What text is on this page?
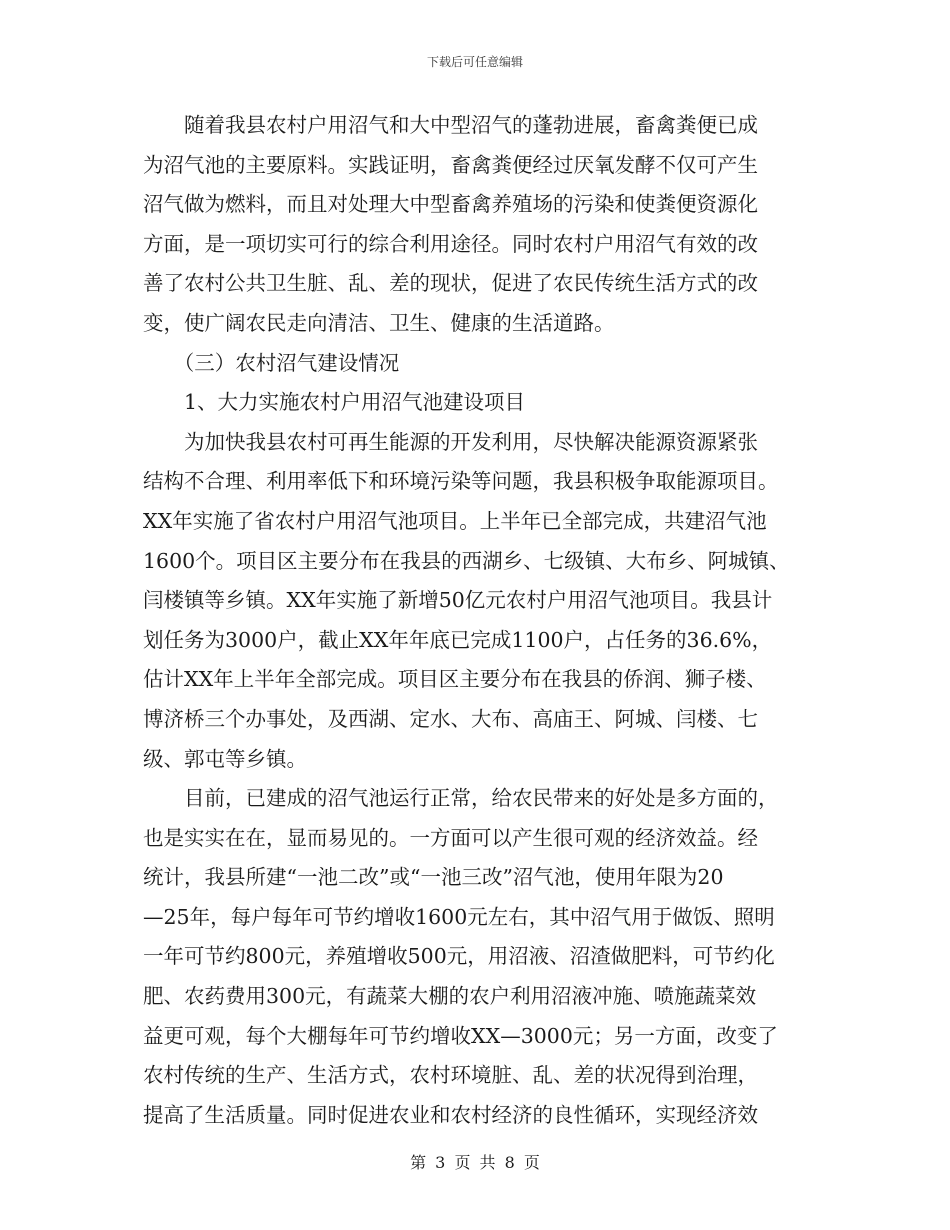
下载后可任意编辑
　　随着我县农村户用沼气和大中型沼气的蓬勃进展，畜禽粪便已成
为沼气池的主要原料。实践证明，畜禽粪便经过厌氧发酵不仅可产生
沼气做为燃料，而且对处理大中型畜禽养殖场的污染和使粪便资源化
方面，是一项切实可行的综合利用途径。同时农村户用沼气有效的改
善了农村公共卫生脏、乱、差的现状，促进了农民传统生活方式的改
变，使广阔农民走向清洁、卫生、健康的生活道路。
　　（三）农村沼气建设情况
　　1、大力实施农村户用沼气池建设项目
　　为加快我县农村可再生能源的开发利用，尽快解决能源资源紧张
结构不合理、利用率低下和环境污染等问题，我县积极争取能源项目。
XX年实施了省农村户用沼气池项目。上半年已全部完成，共建沼气池
1600个。项目区主要分布在我县的西湖乡、七级镇、大布乡、阿城镇、
闫楼镇等乡镇。XX年实施了新增50亿元农村户用沼气池项目。我县计
划任务为3000户，截止XX年年底已完成1100户，占任务的36.6%，
估计XX年上半年全部完成。项目区主要分布在我县的侨润、狮子楼、
博济桥三个办事处，及西湖、定水、大布、高庙王、阿城、闫楼、七
级、郭屯等乡镇。
　　目前，已建成的沼气池运行正常，给农民带来的好处是多方面的，
也是实实在在，显而易见的。一方面可以产生很可观的经济效益。经
统计，我县所建“一池二改”或“一池三改”沼气池，使用年限为20
—25年，每户每年可节约增收1600元左右，其中沼气用于做饭、照明
一年可节约800元，养殖增收500元，用沼液、沼渣做肥料，可节约化
肥、农药费用300元，有蔬菜大棚的农户利用沼液冲施、喷施蔬菜效
益更可观，每个大棚每年可节约增收XX—3000元；另一方面，改变了
农村传统的生产、生活方式，农村环境脏、乱、差的状况得到治理，
提高了生活质量。同时促进农业和农村经济的良性循环，实现经济效
第 3 页 共 8 页
